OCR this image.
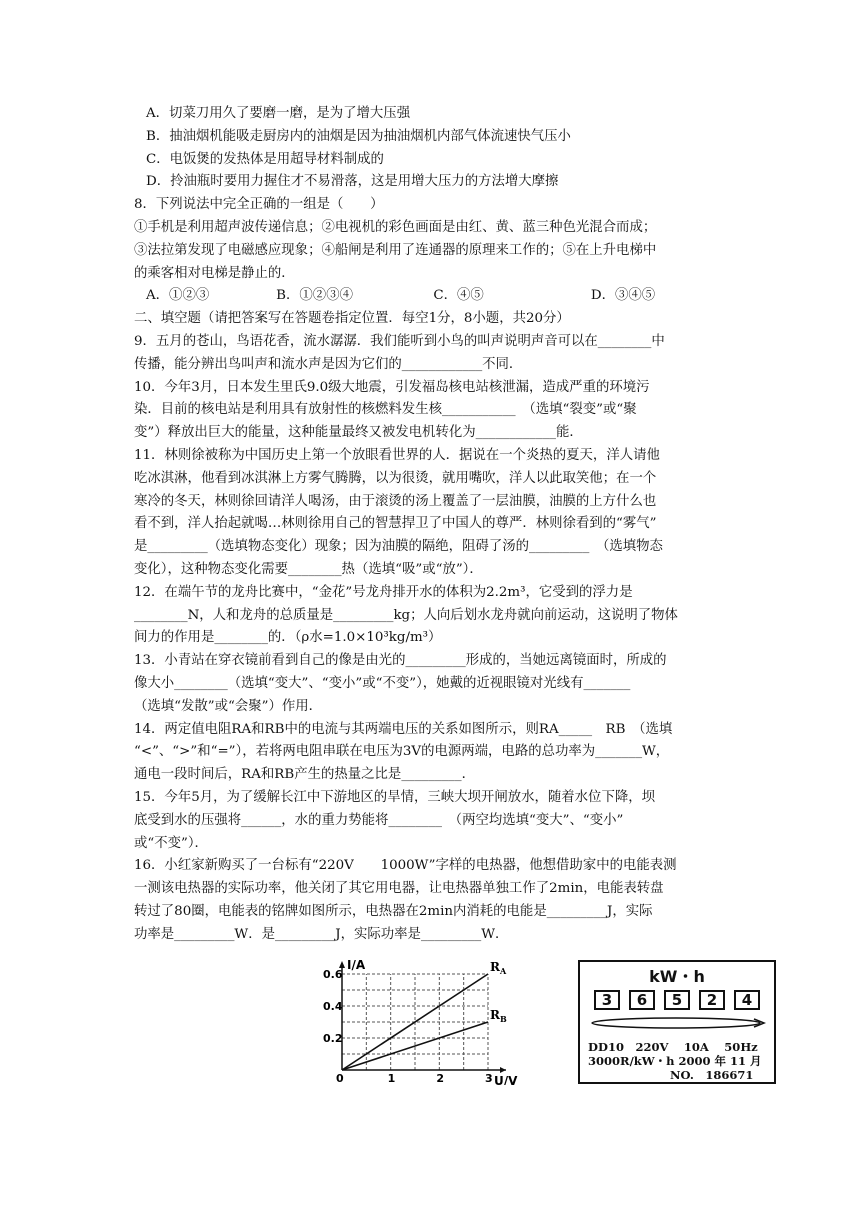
A．切菜刀用久了要磨一磨，是为了增大压强
B．抽油烟机能吸走厨房内的油烟是因为抽油烟机内部气体流速快气压小
C．电饭煲的发热体是用超导材料制成的
D．拎油瓶时要用力握住才不易滑落，这是用增大压力的方法增大摩擦
8．下列说法中完全正确的一组是（　　）
①手机是利用超声波传递信息；②电视机的彩色画面是由红、黄、蓝三种色光混合而成；
③法拉第发现了电磁感应现象；④船闸是利用了连通器的原理来工作的；⑤在上升电梯中
的乘客相对电梯是静止的．
A．①②③　　　　　B．①②③④　　　　　　C．④⑤　　　　　　　　D．③④⑤
二、填空题（请把答案写在答题卷指定位置．每空1分，8小题，共20分）
9．五月的苍山，鸟语花香，流水潺潺．我们能听到小鸟的叫声说明声音可以在________中
传播，能分辨出鸟叫声和流水声是因为它们的____________不同．
10．今年3月，日本发生里氏9.0级大地震，引发福岛核电站核泄漏，造成严重的环境污
染．目前的核电站是利用具有放射性的核燃料发生核___________　（选填“裂变”或“聚
变”）释放出巨大的能量，这种能量最终又被发电机转化为____________能．
11．林则徐被称为中国历史上第一个放眼看世界的人．据说在一个炎热的夏天，洋人请他
吃冰淇淋，他看到冰淇淋上方雾气腾腾，以为很烫，就用嘴吹，洋人以此取笑他；在一个
寒冷的冬天，林则徐回请洋人喝汤，由于滚烫的汤上覆盖了一层油膜，油膜的上方什么也
看不到，洋人抬起就喝…林则徐用自己的智慧捍卫了中国人的尊严．林则徐看到的“雾气”
是_________（选填物态变化）现象；因为油膜的隔绝，阻碍了汤的_________　（选填物态
变化），这种物态变化需要________热（选填“吸”或“放”）．
12．在端午节的龙舟比赛中，“金花”号龙舟排开水的体积为2.2m³，它受到的浮力是
________N，人和龙舟的总质量是_________kg；人向后划水龙舟就向前运动，这说明了物体
间力的作用是________的．（ρ水=1.0×10³kg/m³）
13．小青站在穿衣镜前看到自己的像是由光的_________形成的，当她远离镜面时，所成的
像大小________（选填“变大”、“变小”或“不变”），她戴的近视眼镜对光线有_______
（选填“发散”或“会聚”）作用．
14．两定值电阻RA和RB中的电流与其两端电压的关系如图所示，则RA_____　RB　（选填
“<”、“>”和“=”），若将两电阻串联在电压为3V的电源两端，电路的总功率为_______W，
通电一段时间后，RA和RB产生的热量之比是_________．
15．今年5月，为了缓解长江中下游地区的旱情，三峡大坝开闸放水，随着水位下降，坝
底受到水的压强将______，水的重力势能将________　（两空均选填“变大”、“变小”
或“不变”）．
16．小红家新购买了一台标有“220V　　1000W”字样的电热器，他想借助家中的电能表测
一测该电热器的实际功率，他关闭了其它用电器，让电热器单独工作了2min，电能表转盘
转过了80圈，电能表的铭牌如图所示，电热器在2min内消耗的电能是_________J，实际
功率是_________W．是_________J，实际功率是_________W．
0	1	2	3
0.2
0.4
0.6
I/A
U/V
$R_A$
$R_B$
kW・h
3	6	5	2	4
DD10　220V　 10A　 50Hz
3000R/kW・h 2000 年 11 月
NO.　186671
